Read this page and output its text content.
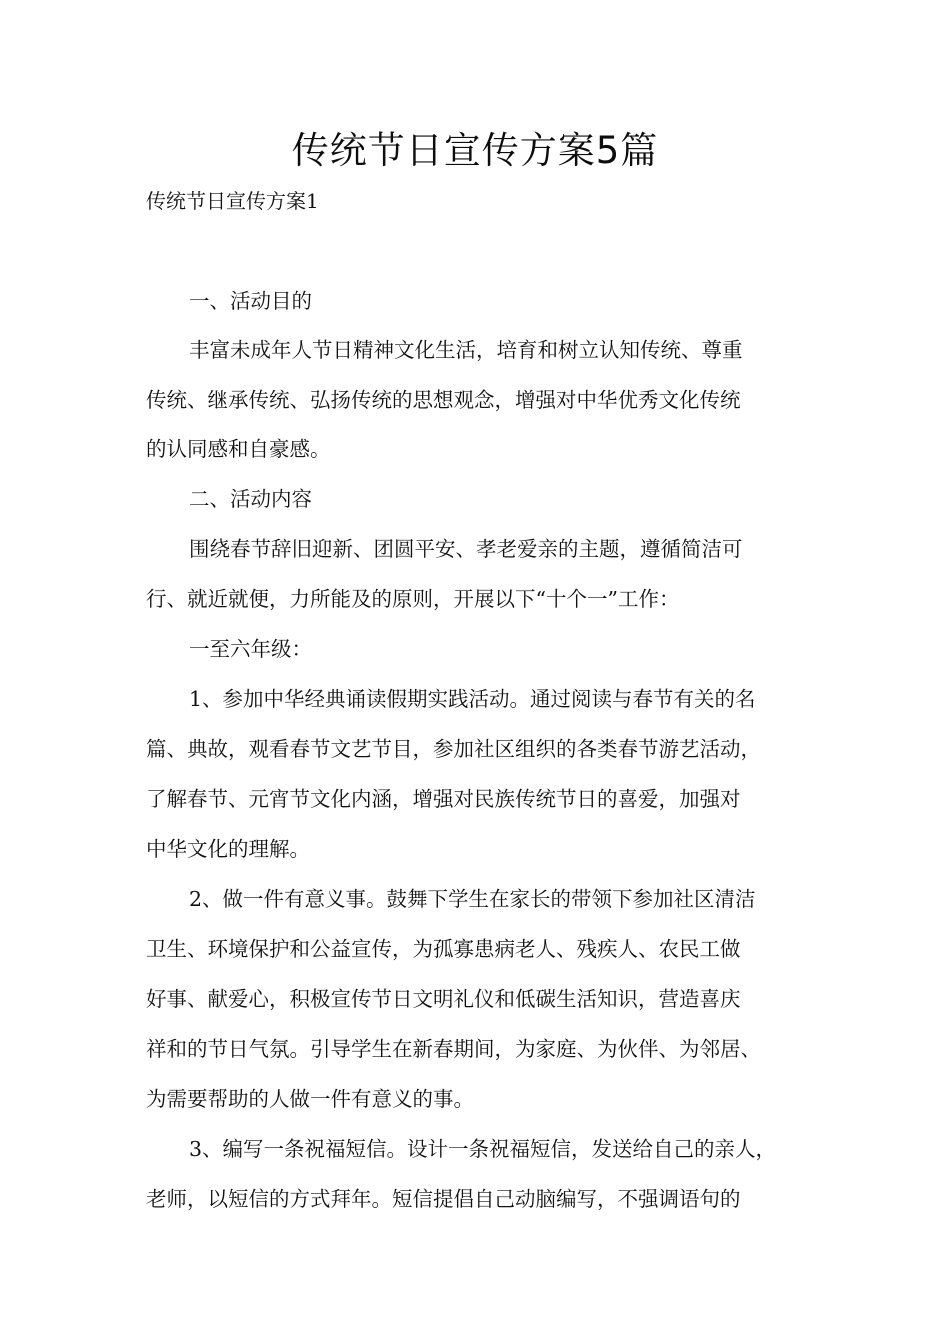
传统节日宣传方案5篇
传统节日宣传方案1
一、活动目的
丰富未成年人节日精神文化生活，培育和树立认知传统、尊重
传统、继承传统、弘扬传统的思想观念，增强对中华优秀文化传统
的认同感和自豪感。
二、活动内容
围绕春节辞旧迎新、团圆平安、孝老爱亲的主题，遵循简洁可
行、就近就便，力所能及的原则，开展以下“十个一”工作：
一至六年级：
1、参加中华经典诵读假期实践活动。通过阅读与春节有关的名
篇、典故，观看春节文艺节目，参加社区组织的各类春节游艺活动，
了解春节、元宵节文化内涵，增强对民族传统节日的喜爱，加强对
中华文化的理解。
2、做一件有意义事。鼓舞下学生在家长的带领下参加社区清洁
卫生、环境保护和公益宣传，为孤寡患病老人、残疾人、农民工做
好事、献爱心，积极宣传节日文明礼仪和低碳生活知识，营造喜庆
祥和的节日气氛。引导学生在新春期间，为家庭、为伙伴、为邻居、
为需要帮助的人做一件有意义的事。
3、编写一条祝福短信。设计一条祝福短信，发送给自己的亲人，
老师，以短信的方式拜年。短信提倡自己动脑编写，不强调语句的
